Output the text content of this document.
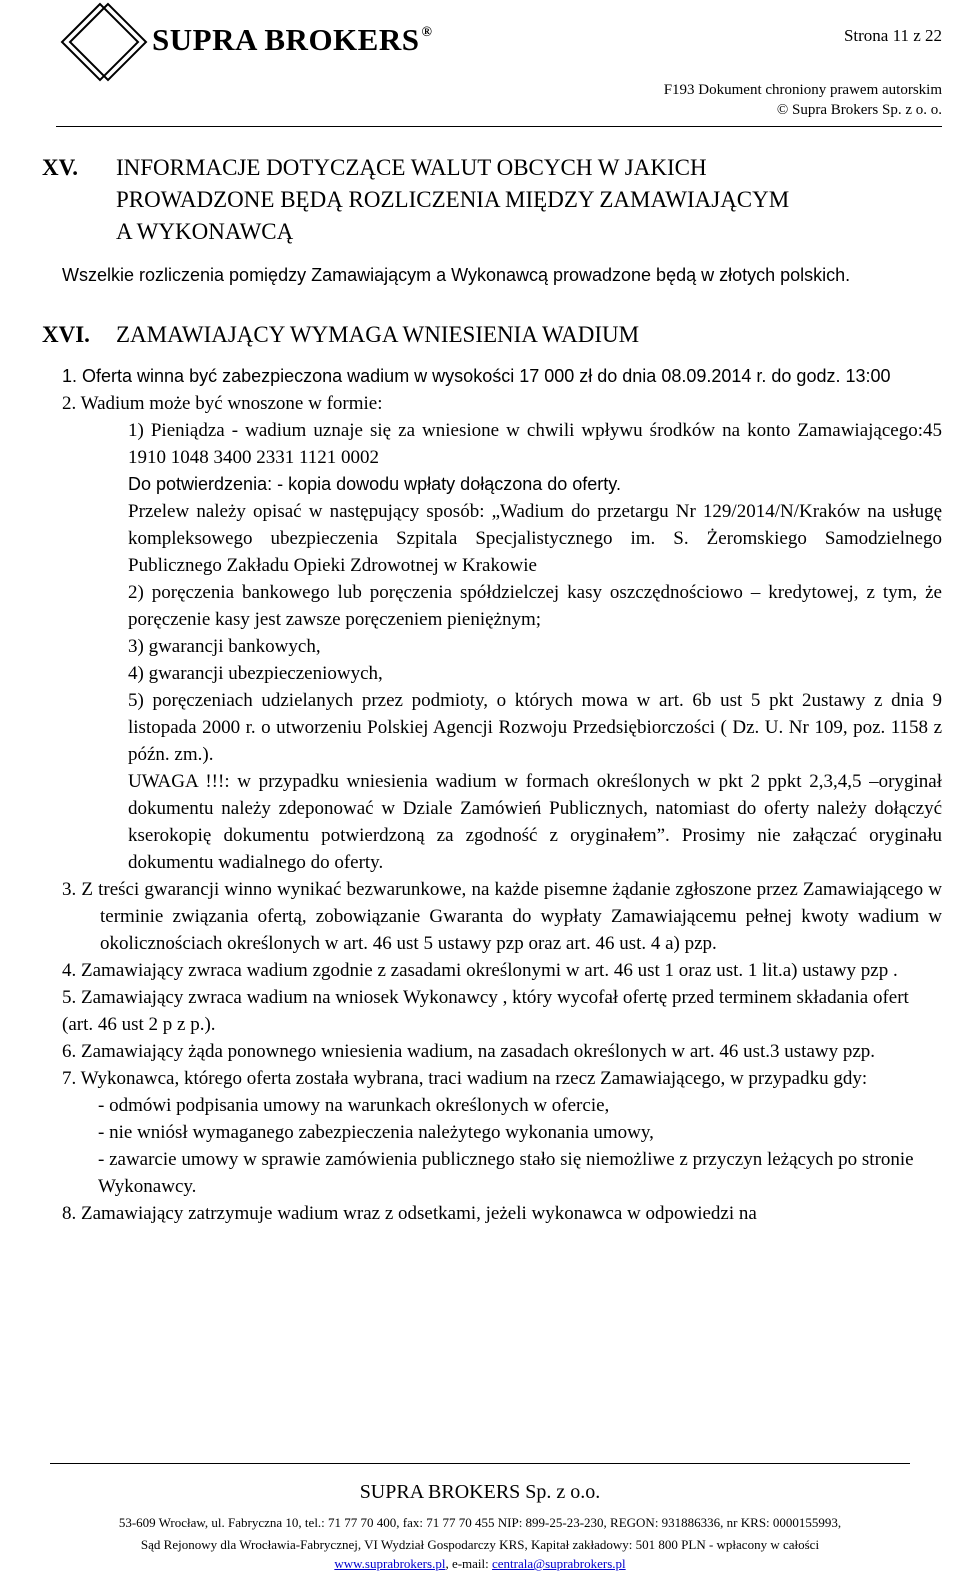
SUPRA BROKERS ®	Strona 11 z 22
F193 Dokument chroniony prawem autorskim
© Supra Brokers Sp. z o. o.
XV. INFORMACJE DOTYCZĄCE WALUT OBCYCH W JAKICH
PROWADZONE BĘDĄ ROZLICZENIA MIĘDZY ZAMAWIAJĄCYM
A WYKONAWCĄ

Wszelkie rozliczenia pomiędzy Zamawiającym a Wykonawcą prowadzone będą w złotych polskich.

XVI. ZAMAWIAJĄCY WYMAGA WNIESIENIA WADIUM

1. Oferta winna być zabezpieczona wadium w wysokości 17 000 zł do dnia 08.09.2014 r. do godz. 13:00

2. Wadium może być wnoszone w formie:

1) Pieniądza - wadium uznaje się za wniesione w chwili wpływu środków na konto Zamawiającego:45 1910 1048 3400 2331 1121 0002

Do potwierdzenia: - kopia dowodu wpłaty dołączona do oferty.

Przelew należy opisać w następujący sposób: „Wadium do przetargu Nr 129/2014/N/Kraków na usługę kompleksowego ubezpieczenia Szpitala Specjalistycznego im. S. Żeromskiego Samodzielnego Publicznego Zakładu Opieki Zdrowotnej w Krakowie

2) poręczenia bankowego lub poręczenia spółdzielczej kasy oszczędnościowo – kredytowej, z tym, że poręczenie kasy jest zawsze poręczeniem pieniężnym;

3) gwarancji bankowych,

4) gwarancji ubezpieczeniowych,

5) poręczeniach udzielanych przez podmioty, o których mowa w art. 6b ust 5 pkt 2ustawy z dnia 9 listopada 2000 r. o utworzeniu Polskiej Agencji Rozwoju Przedsiębiorczości ( Dz. U. Nr 109, poz. 1158 z późn. zm.).

UWAGA !!!: w przypadku wniesienia wadium w formach określonych w pkt 2 ppkt 2,3,4,5 –oryginał dokumentu należy zdeponować w Dziale Zamówień Publicznych, natomiast do oferty należy dołączyć kserokopię dokumentu potwierdzoną za zgodność z oryginałem”. Prosimy nie załączać oryginału dokumentu wadialnego do oferty.

3. Z treści gwarancji winno wynikać bezwarunkowe, na każde pisemne żądanie zgłoszone przez Zamawiającego w terminie związania ofertą, zobowiązanie Gwaranta do wypłaty Zamawiającemu pełnej kwoty wadium w okolicznościach określonych w art. 46 ust 5 ustawy pzp oraz art. 46 ust. 4 a) pzp.

4. Zamawiający zwraca wadium zgodnie z zasadami określonymi w art. 46 ust 1 oraz ust. 1 lit.a) ustawy pzp .

5. Zamawiający zwraca wadium na wniosek Wykonawcy , który wycofał ofertę przed terminem składania ofert (art. 46 ust 2 p z p.).

6. Zamawiający żąda ponownego wniesienia wadium, na zasadach określonych w art. 46 ust.3 ustawy pzp.

7. Wykonawca, którego oferta została wybrana, traci wadium na rzecz Zamawiającego, w przypadku gdy:

- odmówi podpisania umowy na warunkach określonych w ofercie,
- nie wniósł wymaganego zabezpieczenia należytego wykonania umowy,
- zawarcie umowy w sprawie zamówienia publicznego stało się niemożliwe z przyczyn leżących po stronie Wykonawcy.

8. Zamawiający zatrzymuje wadium wraz z odsetkami, jeżeli wykonawca w odpowiedzi na

SUPRA BROKERS Sp. z o.o.
53-609 Wrocław, ul. Fabryczna 10, tel.: 71 77 70 400, fax: 71 77 70 455 NIP: 899-25-23-230, REGON: 931886336, nr KRS: 0000155993,
Sąd Rejonowy dla Wrocławia-Fabrycznej, VI Wydział Gospodarczy KRS, Kapitał zakładowy: 501 800 PLN - wpłacony w całości
www.suprabrokers.pl, e-mail: centrala@suprabrokers.pl
